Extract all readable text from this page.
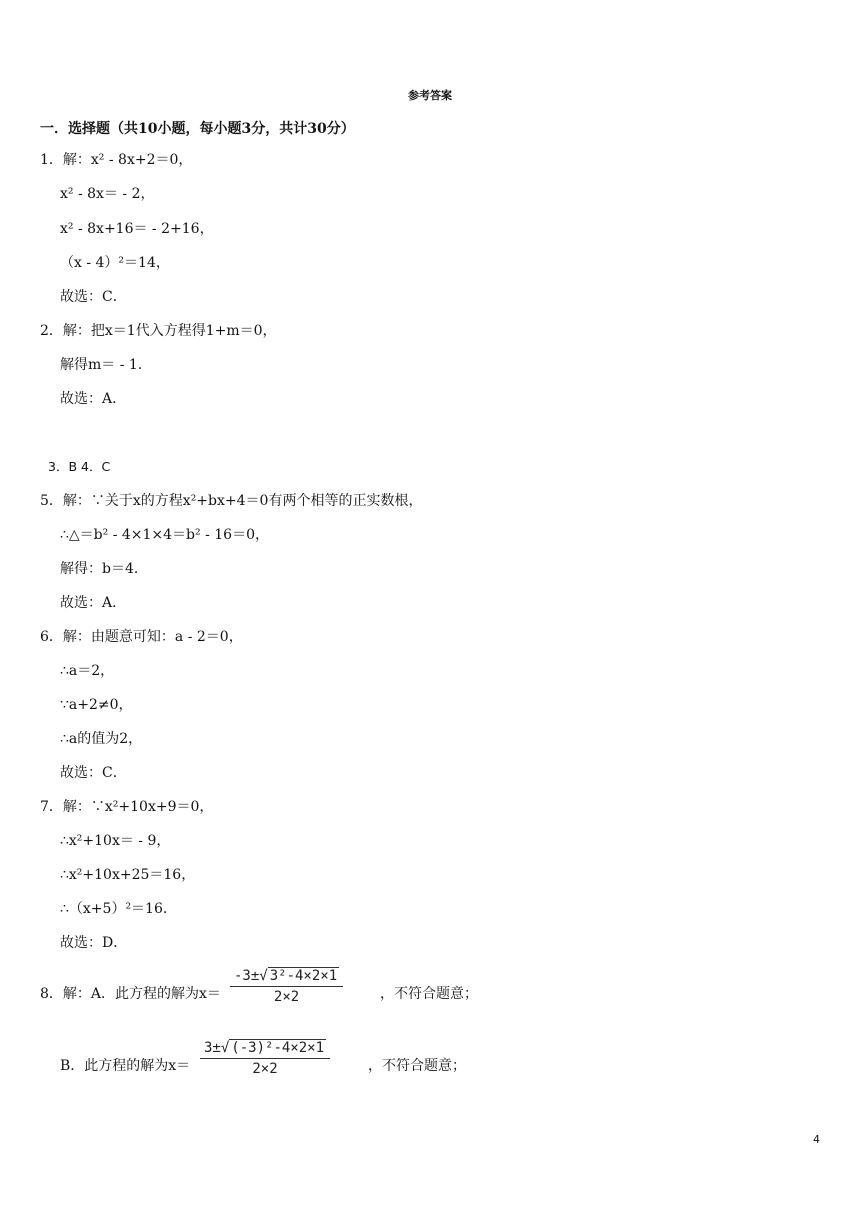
参考答案
一．选择题（共10小题，每小题3分，共计30分）
1．解：x² - 8x+2＝0，
x² - 8x＝ - 2，
x² - 8x+16＝ - 2+16，
（x - 4）²＝14，
故选：C．
2．解：把x＝1代入方程得1+m＝0，
解得m＝ - 1．
故选：A．
3．B 4．C
5．解：∵关于x的方程x²+bx+4＝0有两个相等的正实数根，
∴△＝b² - 4×1×4＝b² - 16＝0，
解得：b＝4．
故选：A．
6．解：由题意可知：a - 2＝0，
∴a＝2，
∵a+2≠0，
∴a的值为2，
故选：C．
7．解：∵x²+10x+9＝0，
∴x²+10x＝ - 9，
∴x²+10x+25＝16，
∴（x+5）²＝16．
故选：D．
8．解：A．此方程的解为$x= \frac{\text{-3±√ 3²-4×2×1}}{2\times 2}$	，不符合题意；
B．此方程的解为$x= \frac{\text{3±√ (-3)²-4×2×1}}{2\times 2}$	，不符合题意；
4
